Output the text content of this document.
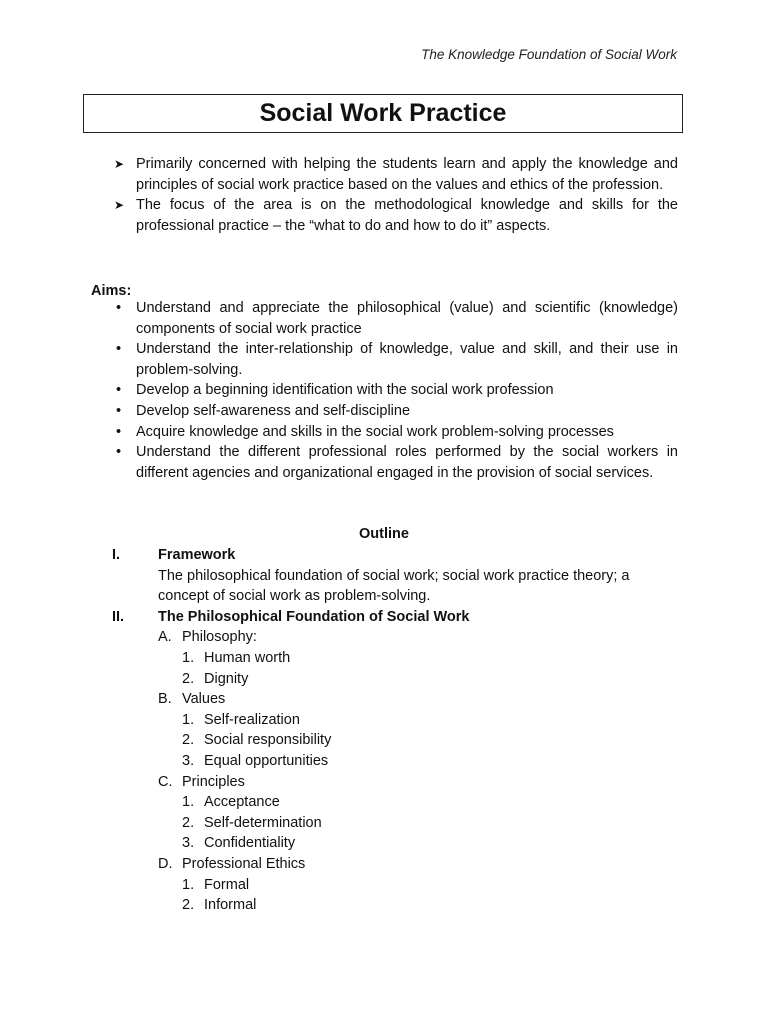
The Knowledge Foundation of Social Work
Social Work Practice
➤ Primarily concerned with helping the students learn and apply the knowledge and principles of social work practice based on the values and ethics of the profession.
➤ The focus of the area is on the methodological knowledge and skills for the professional practice – the “what to do and how to do it” aspects.
Aims:
• Understand and appreciate the philosophical (value) and scientific (knowledge) components of social work practice
• Understand the inter-relationship of knowledge, value and skill, and their use in problem-solving.
• Develop a beginning identification with the social work profession
• Develop self-awareness and self-discipline
• Acquire knowledge and skills in the social work problem-solving processes
• Understand the different professional roles performed by the social workers in different agencies and organizational engaged in the provision of social services.
Outline
I.	Framework
The philosophical foundation of social work; social work practice theory; a concept of social work as problem-solving.
II. The Philosophical Foundation of Social Work
A. Philosophy:
1. Human worth
2. Dignity
B. Values
1. Self-realization
2. Social responsibility
3. Equal opportunities
C. Principles
1. Acceptance
2. Self-determination
3. Confidentiality
D. Professional Ethics
1. Formal
2. Informal
